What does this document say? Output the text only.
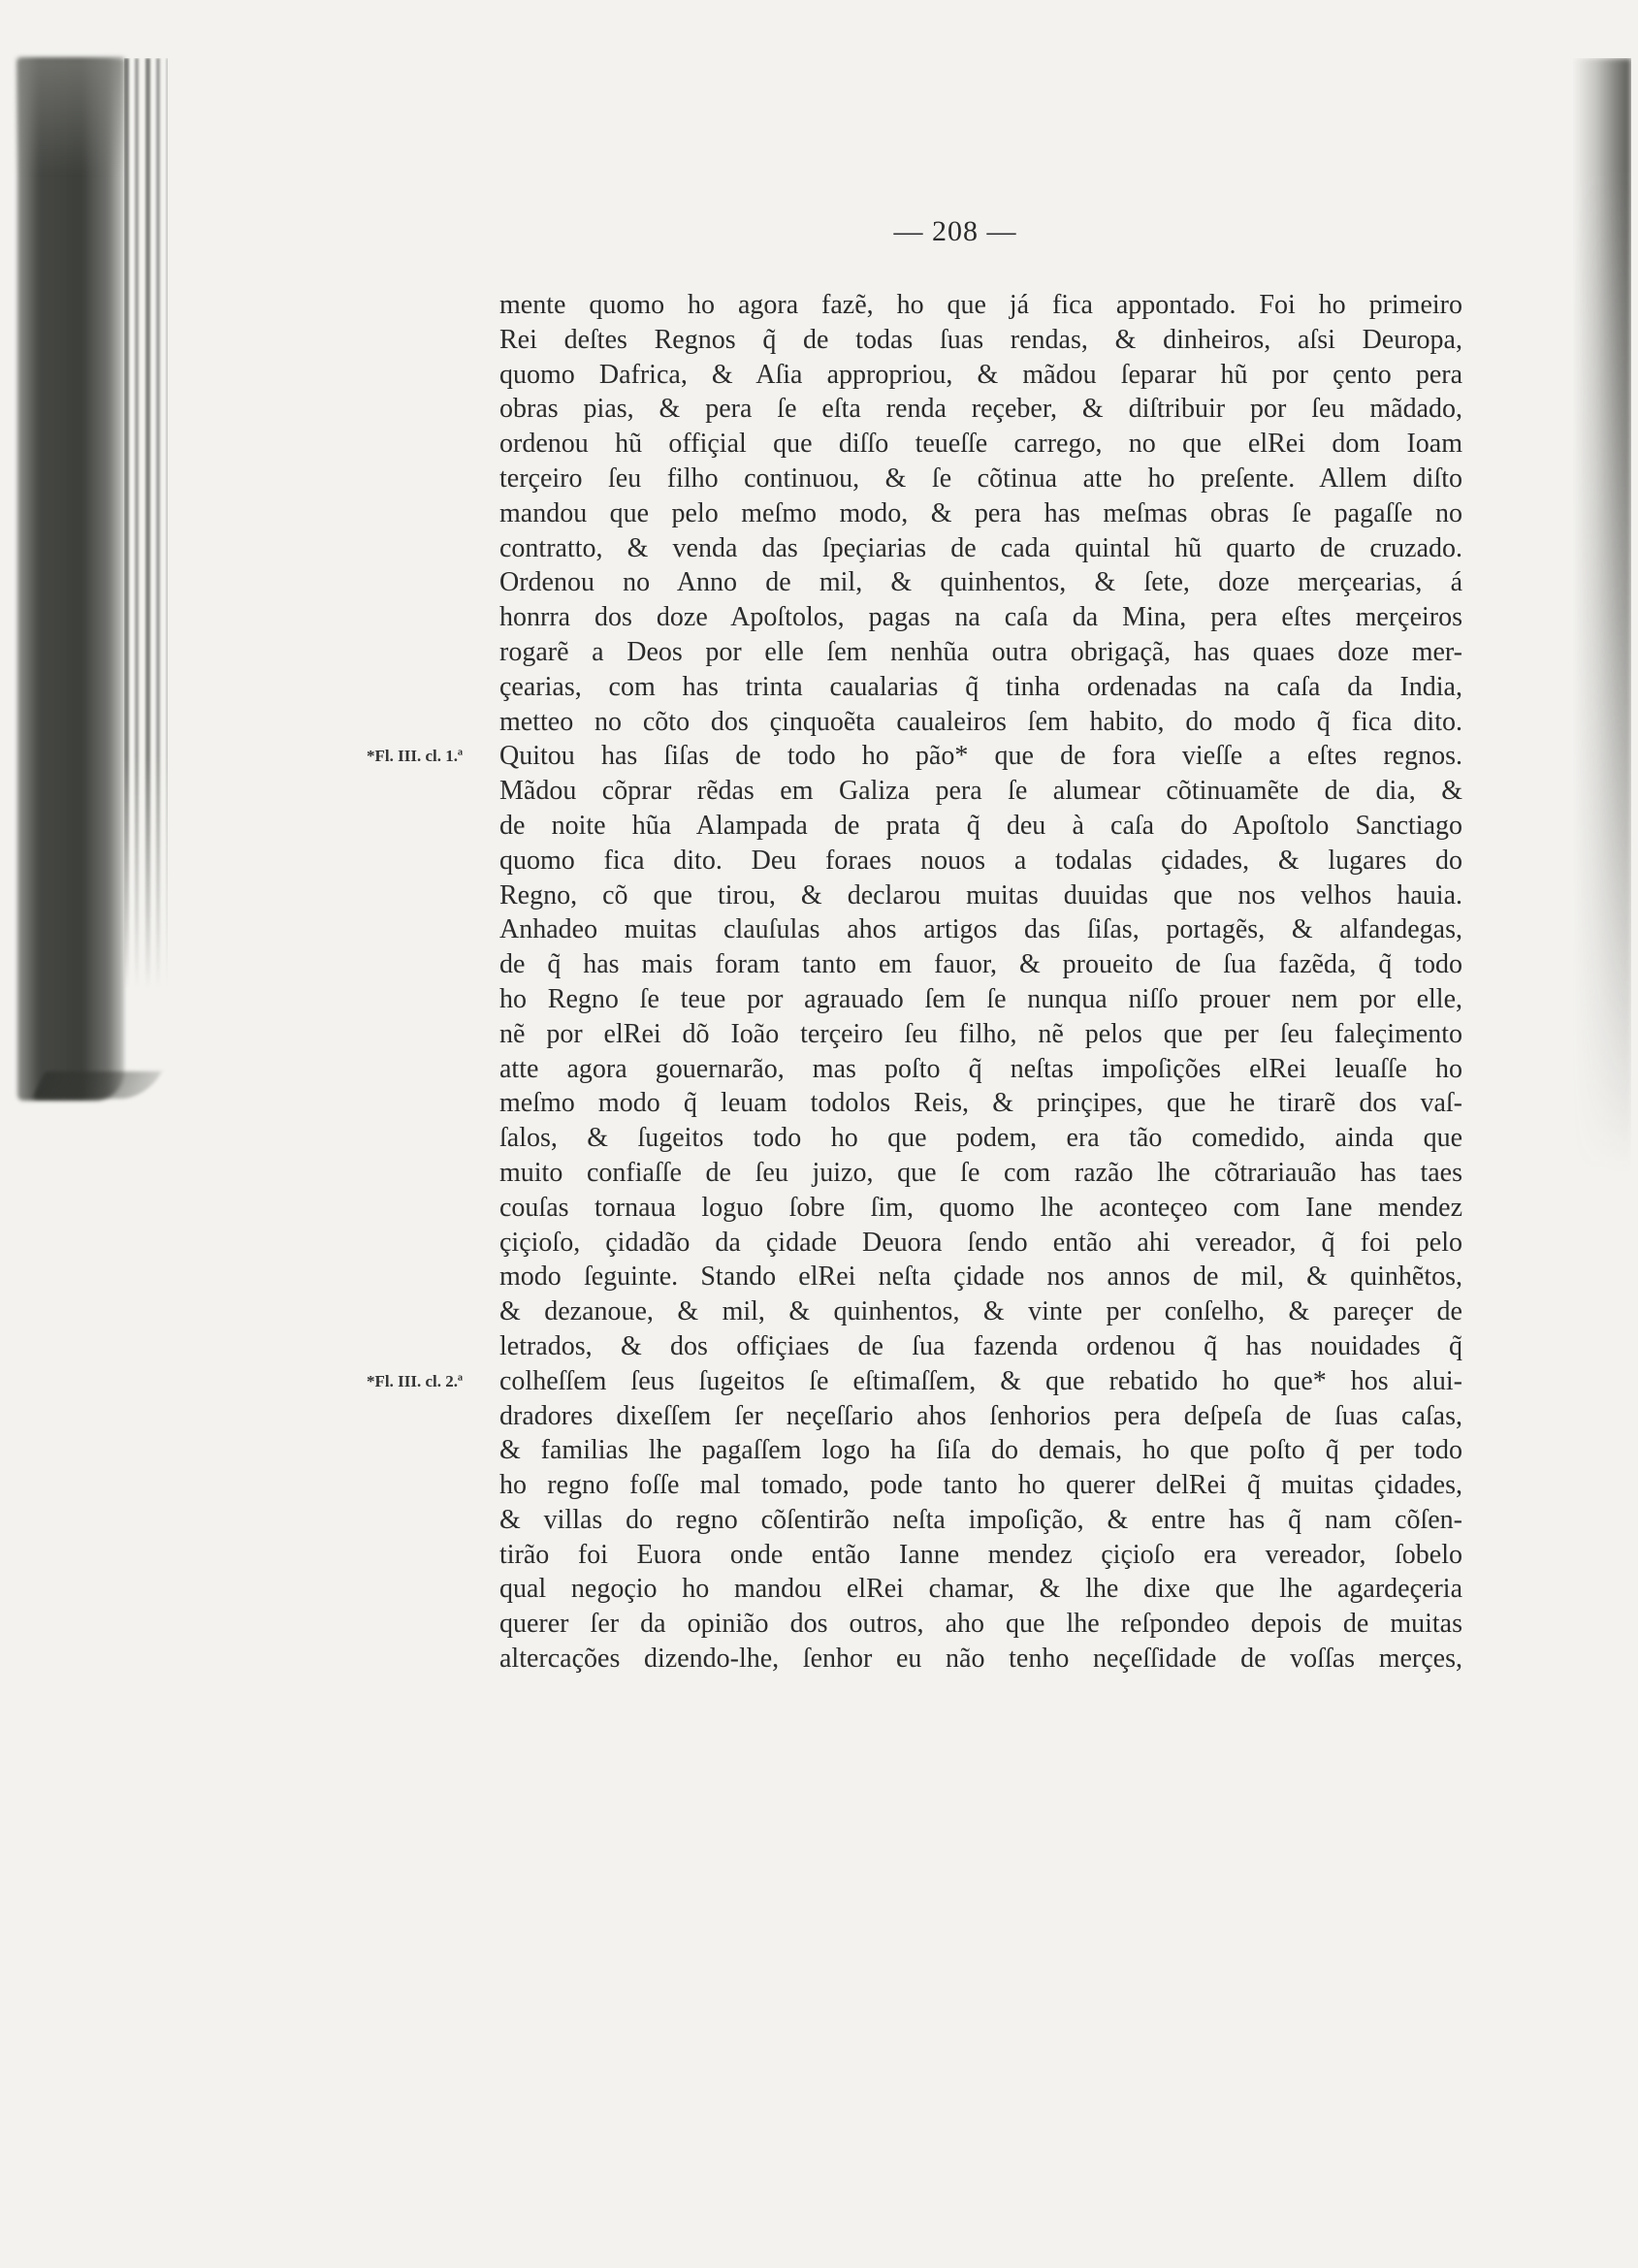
— 208 —
*Fl. III. cl. 1.ª
*Fl. III. cl. 2.ª
mente quomo ho agora fazẽ, ho que já fica appontado. Foi ho primeiro
Rei deſtes Regnos q̃ de todas ſuas rendas, & dinheiros, aſsi Deuropa,
quomo Dafrica, & Aſia appropriou, & mãdou ſeparar hũ por çento pera
obras pias, & pera ſe eſta renda reçeber, & diſtribuir por ſeu mãdado,
ordenou hũ offiçial que diſſo teueſſe carrego, no que elRei dom Ioam
terçeiro ſeu filho continuou, & ſe cõtinua atte ho preſente. Allem diſto
mandou que pelo meſmo modo, & pera has meſmas obras ſe pagaſſe no
contratto, & venda das ſpeçiarias de cada quintal hũ quarto de cruzado.
Ordenou no Anno de mil, & quinhentos, & ſete, doze merçearias, á
honrra dos doze Apoſtolos, pagas na caſa da Mina, pera eſtes merçeiros
rogarẽ a Deos por elle ſem nenhũa outra obrigaçã, has quaes doze mer-
çearias, com has trinta caualarias q̃ tinha ordenadas na caſa da India,
metteo no cõto dos çinquoẽta caualeiros ſem habito, do modo q̃ fica dito.
Quitou has ſiſas de todo ho pão* que de fora vieſſe a eſtes regnos.
Mãdou cõprar rẽdas em Galiza pera ſe alumear cõtinuamẽte de dia, &
de noite hũa Alampada de prata q̃ deu à caſa do Apoſtolo Sanctiago
quomo fica dito. Deu foraes nouos a todalas çidades, & lugares do
Regno, cõ que tirou, & declarou muitas duuidas que nos velhos hauia.
Anhadeo muitas clauſulas ahos artigos das ſiſas, portagẽs, & alfandegas,
de q̃ has mais foram tanto em fauor, & proueito de ſua fazẽda, q̃ todo
ho Regno ſe teue por agrauado ſem ſe nunqua niſſo prouer nem por elle,
nẽ por elRei dõ Ioão terçeiro ſeu filho, nẽ pelos que per ſeu faleçimento
atte agora gouernarão, mas poſto q̃ neſtas impoſições elRei leuaſſe ho
meſmo modo q̃ leuam todolos Reis, & prinçipes, que he tirarẽ dos vaſ-
ſalos, & ſugeitos todo ho que podem, era tão comedido, ainda que
muito confiaſſe de ſeu juizo, que ſe com razão lhe cõtrariauão has taes
couſas tornaua loguo ſobre ſim, quomo lhe aconteçeo com Iane mendez
çiçioſo, çidadão da çidade Deuora ſendo então ahi vereador, q̃ foi pelo
modo ſeguinte. Stando elRei neſta çidade nos annos de mil, & quinhẽtos,
& dezanoue, & mil, & quinhentos, & vinte per conſelho, & pareçer de
letrados, & dos offiçiaes de ſua fazenda ordenou q̃ has nouidades q̃
colheſſem ſeus ſugeitos ſe eſtimaſſem, & que rebatido ho que* hos alui-
dradores dixeſſem ſer neçeſſario ahos ſenhorios pera deſpeſa de ſuas caſas,
& familias lhe pagaſſem logo ha ſiſa do demais, ho que poſto q̃ per todo
ho regno foſſe mal tomado, pode tanto ho querer delRei q̃ muitas çidades,
& villas do regno cõſentirão neſta impoſição, & entre has q̃ nam cõſen-
tirão foi Euora onde então Ianne mendez çiçioſo era vereador, ſobelo
qual negoçio ho mandou elRei chamar, & lhe dixe que lhe agardeçeria
querer ſer da opinião dos outros, aho que lhe reſpondeo depois de muitas
altercações dizendo-lhe, ſenhor eu não tenho neçeſſidade de voſſas merçes,
